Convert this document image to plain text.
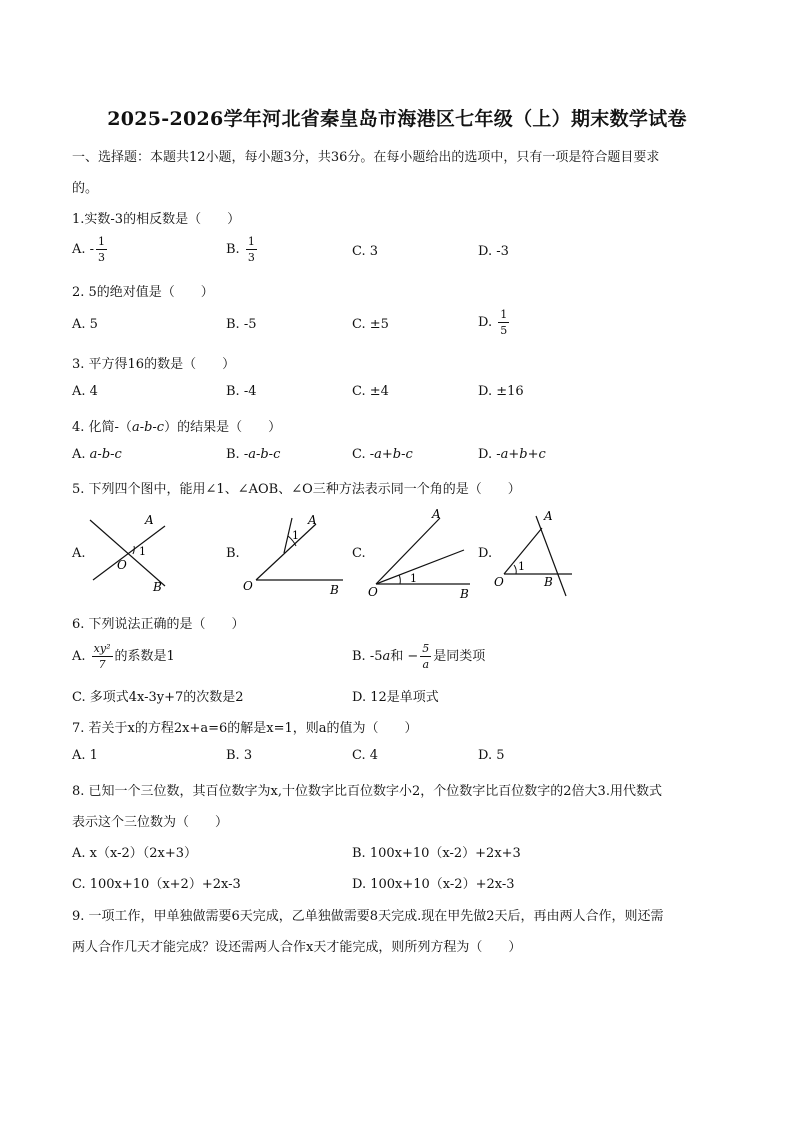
2025-2026学年河北省秦皇岛市海港区七年级（上）期末数学试卷
一、选择题：本题共12小题，每小题3分，共36分。在每小题给出的选项中，只有一项是符合题目要求
的。
1.实数-3的相反数是（　　）
A. - $\frac{1}{3}$	B. $\frac{1}{3}$	C. 3	D. -3
2. 5的绝对值是（　　）
A. 5	B. -5	C. ±5	D. $\frac{1}{5}$
3. 平方得16的数是（　　）
A. 4	B. -4	C. ±4	D. ±16
4. 化简-（a-b-c）的结果是（　　）
A. a-b-c	B. -a-b-c	C. -a+b-c	D. -a+b+c
5. 下列四个图中，能用∠1、∠AOB、∠O三种方法表示同一个角的是（　　）
A.
A
O
1
B
B.
A
1
O	B
C.
A
1
O	B
D.
A
1
O	B
6. 下列说法正确的是（　　）
A. $\frac{\text{xy²}}{7}$ 的系数是1	B. -5a和 − $\frac{5}{a}$ 是同类项
C. 多项式4x-3y+7的次数是2	D. 12是单项式
7. 若关于x的方程2x+a=6的解是x=1，则a的值为（　　）
A. 1	B. 3	C. 4	D. 5
8. 已知一个三位数，其百位数字为x,十位数字比百位数字小2，个位数字比百位数字的2倍大3.用代数式
表示这个三位数为（　　）
A. x（x-2）（2x+3）	B. 100x+10（x-2）+2x+3
C. 100x+10（x+2）+2x-3	D. 100x+10（x-2）+2x-3
9. 一项工作，甲单独做需要6天完成，乙单独做需要8天完成.现在甲先做2天后，再由两人合作，则还需
两人合作几天才能完成？设还需两人合作x天才能完成，则所列方程为（　　）
